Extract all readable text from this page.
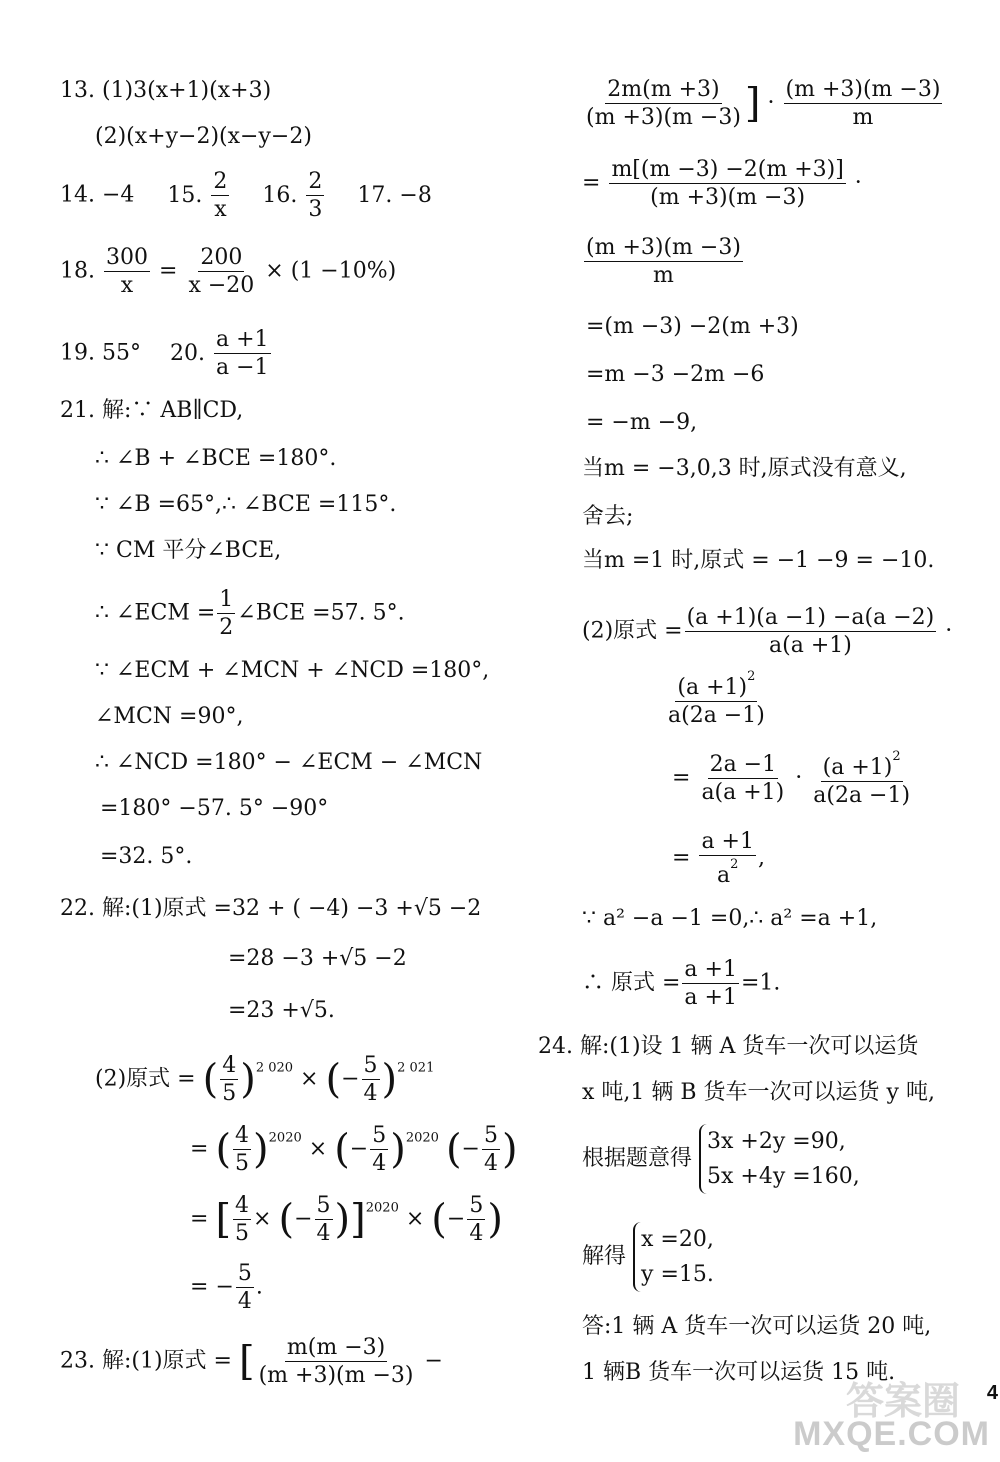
13. (1)3(x+1)(x+3)
(2)(x+y−2)(x−y−2)
14. −4 15. $\frac{2}{x} 16$. $\frac{2}{3} 17$. −8
18. $\frac{300}{x} = \frac{200}{x -20} \times (1 -10\%)$
19. 55° 20. $\frac{a +1}{a -1}$
21. 解:∵ AB∥CD,
∴ ∠B + ∠BCE =180°.
∵ ∠B =65°,∴ ∠BCE =115°.
∵ CM 平分∠BCE,
∴ ∠ECM = $\frac{1}{2}$ ∠BCE =57. 5°.
∵ ∠ECM + ∠MCN + ∠NCD =180°,
∠MCN =90°,
∴ ∠NCD =180° − ∠ECM − ∠MCN
=180° −57. 5° −90°
=32. 5°.
22. 解:(1)原式 =32 + ( −4) −3 +√5 −2
=28 −3 +√5 −2
=23 +√5.
(2)原式 = ( $\frac{4}{5} )^{2 020}$ × (− $\frac{5}{4} )^{2 021}$
= ( $\frac{4}{5} )^{2020}$ × (− $\frac{5}{4} )^{2020}$ (− $\frac{5}{4}$ )
= [ $\frac{4}{5}$ × (− $\frac{5}{4} )]^{2020}$ × (− $\frac{5}{4}$ )
= − $\frac{5}{4}$ .
23. 解:(1)原式 = [ $\frac{m(m -3)}{(m +3)(m -3)}$ −
$\frac{2m(m +3)}{(m +3)(m -3)}$ ] · $\frac{(m +3)(m -3)}{m}$
= $\frac{m[(m -3) -2(m +3)]}{(m +3)(m -3)}$ ·
$\frac{(m +3)(m -3)}{m}$
=(m −3) −2(m +3)
=m −3 −2m −6
= −m −9,
当m = −3,0,3 时,原式没有意义,
舍去;
当m =1 时,原式 = −1 −9 = −10.
(2)原式 = $\frac{(a +1)(a -1) -a(a -2)}{a(a +1)}$ ·
$\frac{(a +1)^2}{a(2a -1)}$
= $\frac{2a -1}{a(a +1)} \cdot \frac{(a +1)^2}{a(2a -1)}$
= $\frac{a +1}{a^2}$ ,
∵ a² −a −1 =0,∴ a² =a +1,
∴ 原式 = $\frac{a +1}{a +1} =1$.
24. 解:(1)设 1 辆 A 货车一次可以运货
x 吨,1 辆 B 货车一次可以运货 y 吨,
根据题意得
3x +2y =90,
5x +4y =160,
解得
x =20,
y =15.
答:1 辆 A 货车一次可以运货 20 吨,
1 辆B 货车一次可以运货 15 吨.
答案圈 4
MXQE.COM
